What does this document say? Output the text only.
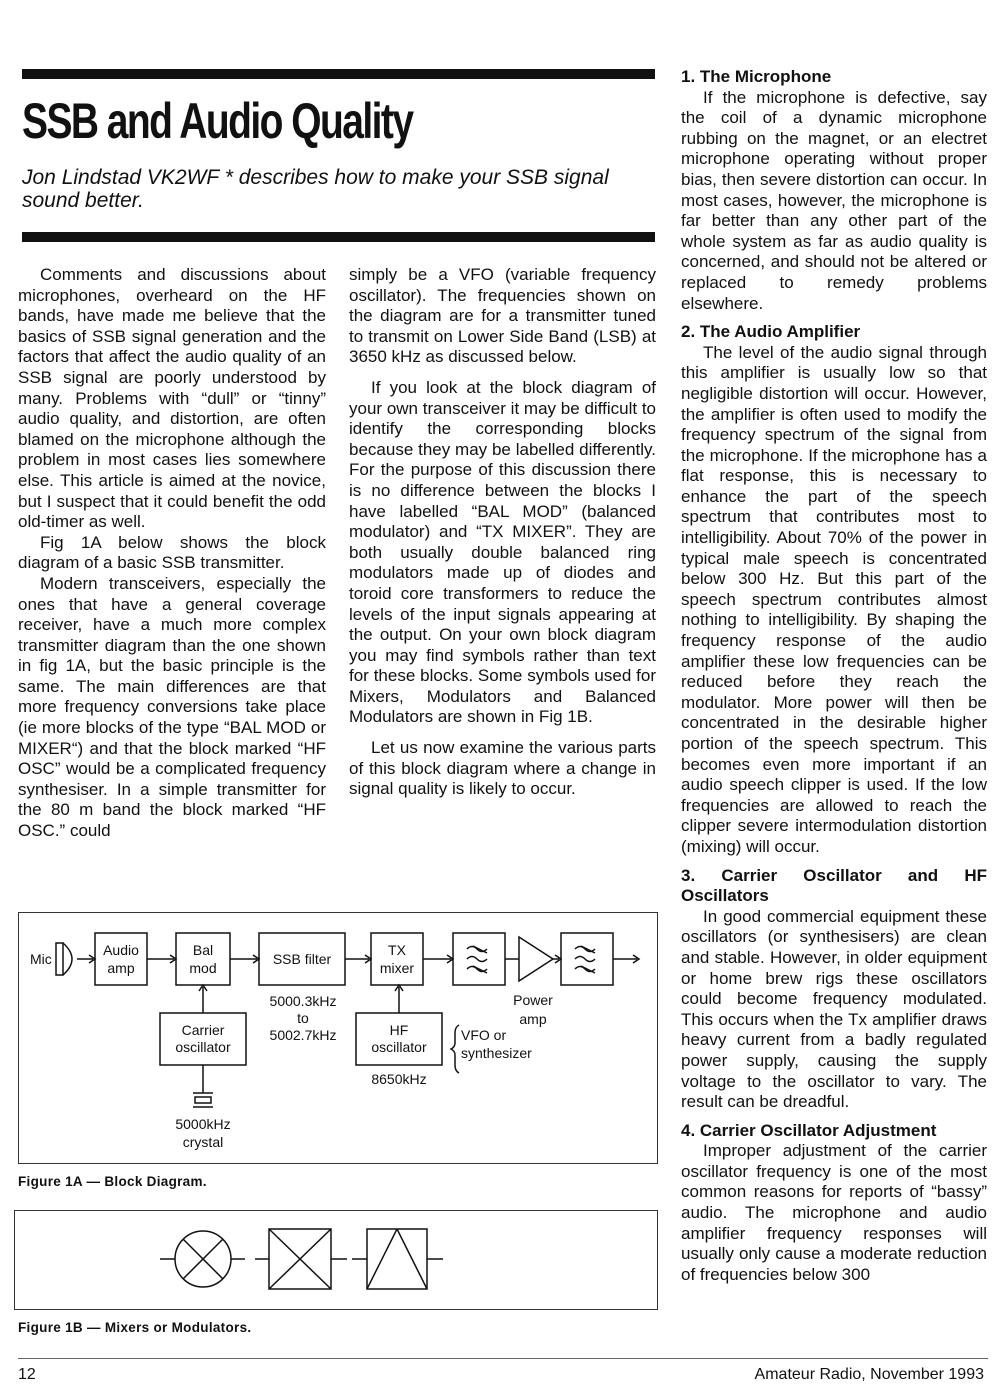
SSB and Audio Quality
Jon Lindstad VK2WF * describes how to make your SSB signal sound better.

Comments and discussions about microphones, overheard on the HF bands, have made me believe that the basics of SSB signal generation and the factors that affect the audio quality of an SSB signal are poorly understood by many. Problems with “dull” or “tinny” audio quality, and distortion, are often blamed on the microphone although the problem in most cases lies somewhere else. This article is aimed at the novice, but I suspect that it could benefit the odd old-timer as well.

Fig 1A below shows the block diagram of a basic SSB transmitter.

Modern transceivers, especially the ones that have a general coverage receiver, have a much more complex transmitter diagram than the one shown in fig 1A, but the basic principle is the same. The main differences are that more frequency conversions take place (ie more blocks of the type “BAL MOD or MIXER“) and that the block marked “HF OSC” would be a complicated frequency synthesiser. In a simple transmitter for the 80 m band the block marked “HF OSC.” could

simply be a VFO (variable frequency oscillator). The frequencies shown on the diagram are for a transmitter tuned to transmit on Lower Side Band (LSB) at 3650 kHz as discussed below.

If you look at the block diagram of your own transceiver it may be difficult to identify the corresponding blocks because they may be labelled differently. For the purpose of this discussion there is no difference between the blocks I have labelled “BAL MOD” (balanced modulator) and “TX MIXER”. They are both usually double balanced ring modulators made up of diodes and toroid core transformers to reduce the levels of the input signals appearing at the output. On your own block diagram you may find symbols rather than text for these blocks. Some symbols used for Mixers, Modulators and Balanced Modulators are shown in Fig 1B.

Let us now examine the various parts of this block diagram where a change in signal quality is likely to occur.

1. The Microphone

If the microphone is defective, say the coil of a dynamic microphone rubbing on the magnet, or an electret microphone operating without proper bias, then severe distortion can occur. In most cases, however, the microphone is far better than any other part of the whole system as far as audio quality is concerned, and should not be altered or replaced to remedy problems elsewhere.

2. The Audio Amplifier

The level of the audio signal through this amplifier is usually low so that negligible distortion will occur. However, the amplifier is often used to modify the frequency spectrum of the signal from the microphone. If the microphone has a flat response, this is necessary to enhance the part of the speech spectrum that contributes most to intelligibility. About 70% of the power in typical male speech is concentrated below 300 Hz. But this part of the speech spectrum contributes almost nothing to intelligibility. By shaping the frequency response of the audio amplifier these low frequencies can be reduced before they reach the modulator. More power will then be concentrated in the desirable higher portion of the speech spectrum. This becomes even more important if an audio speech clipper is used. If the low frequencies are allowed to reach the clipper severe intermodulation distortion (mixing) will occur.

3. Carrier Oscillator and HF Oscillators

In good commercial equipment these oscillators (or synthesisers) are clean and stable. However, in older equipment or home brew rigs these oscillators could become frequency modulated. This occurs when the Tx amplifier draws heavy current from a badly regulated power supply, causing the supply voltage to the oscillator to vary. The result can be dreadful.

4. Carrier Oscillator Adjustment

Improper adjustment of the carrier oscillator frequency is one of the most common reasons for reports of “bassy” audio. The microphone and audio amplifier frequency responses will usually only cause a moderate reduction of frequencies below 300

Mic
Audio
amp
Bal
mod
SSB filter
TX
mixer
Power
amp
5000.3kHz
to
5002.7kHz
Carrier
oscillator
HF
oscillator
8650kHz
VFO or
synthesizer
5000kHz
crystal
Figure 1A — Block Diagram.
Figure 1B — Mixers or Modulators.
12	Amateur Radio, November 1993
